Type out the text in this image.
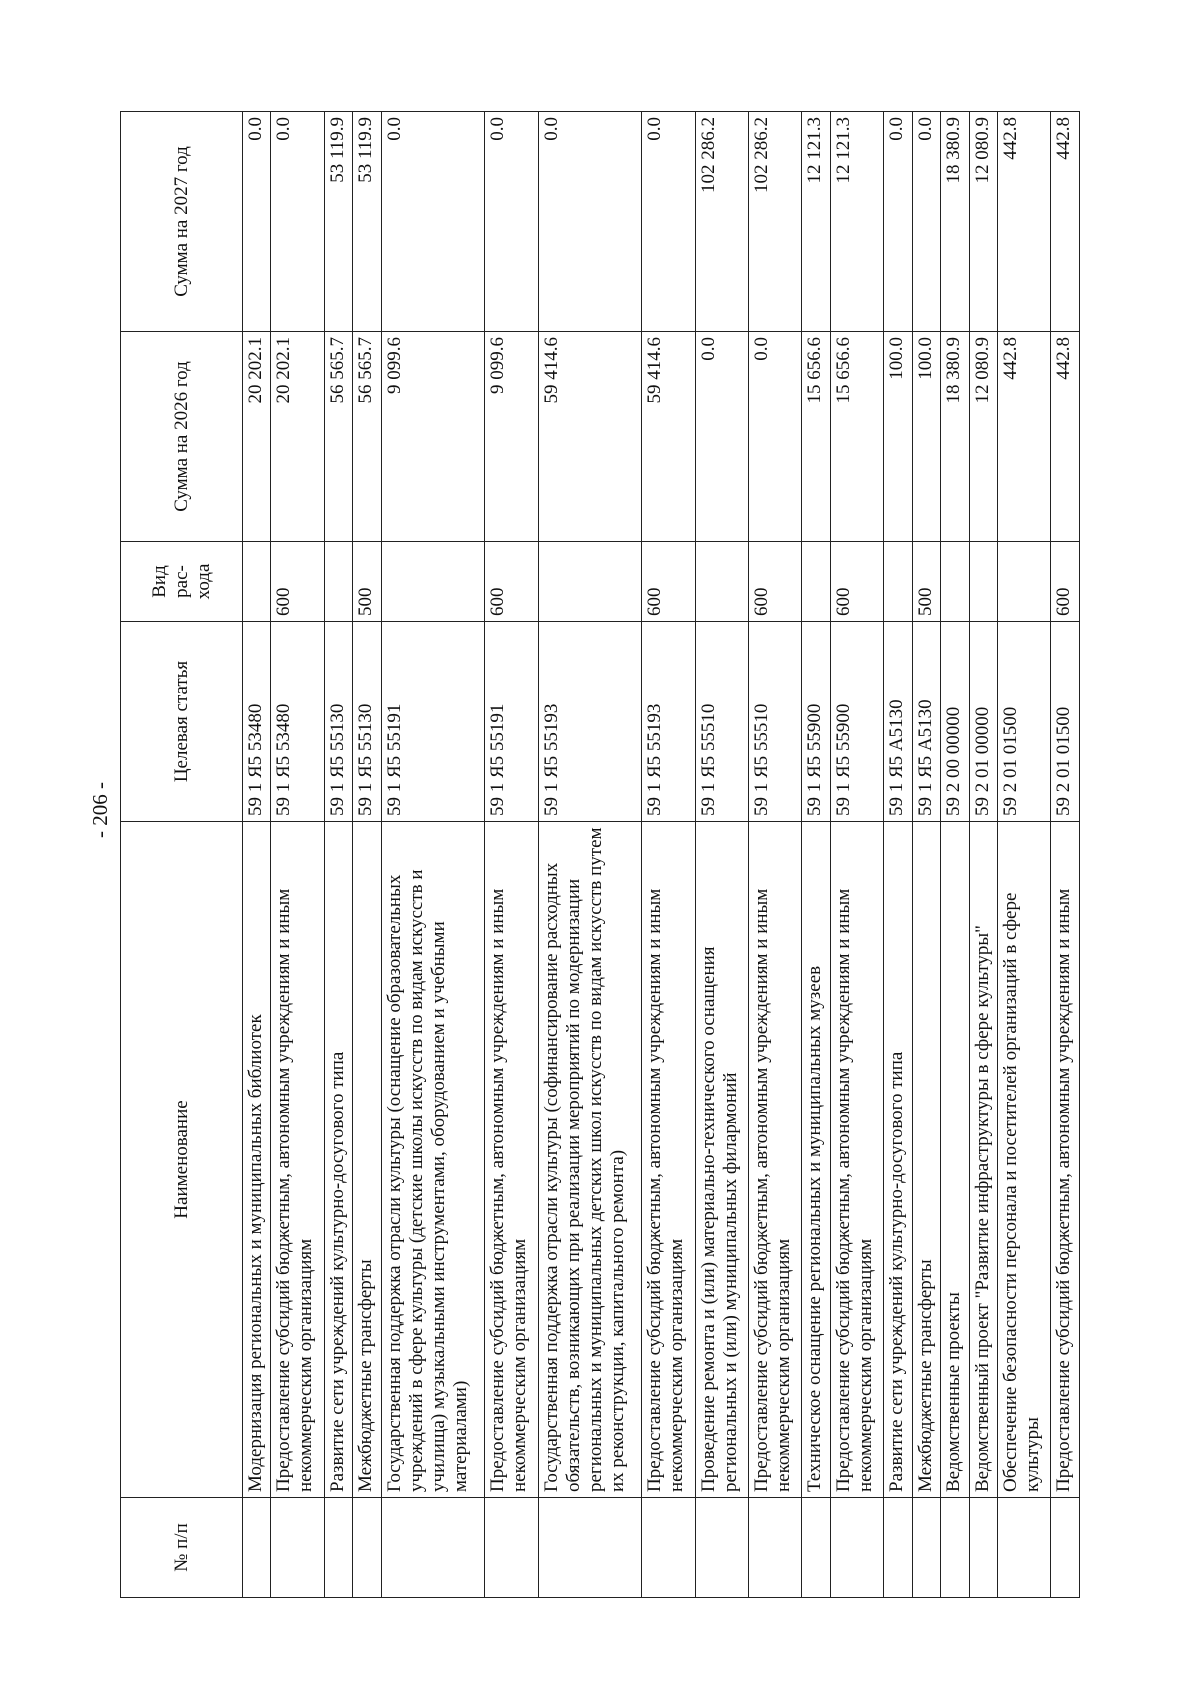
- 206 -
№ п/п	Наименование	Целевая статья	Вид рас- хода	Сумма на 2026 год	Сумма на 2027 год
	Модернизация региональных и муниципальных библиотек	59 1 Я5 53480		20 202.1	0.0
	Предоставление субсидий бюджетным, автономным учреждениям и иным некоммерческим организациям	59 1 Я5 53480	600	20 202.1	0.0
	Развитие сети учреждений культурно-досугового типа	59 1 Я5 55130		56 565.7	53 119.9
	Межбюджетные трансферты	59 1 Я5 55130	500	56 565.7	53 119.9
	Государственная поддержка отрасли культуры (оснащение образовательных учреждений в сфере культуры (детские школы искусств по видам искусств и училища) музыкальными инструментами, оборудованием и учебными материалами)	59 1 Я5 55191		9 099.6	0.0
	Предоставление субсидий бюджетным, автономным учреждениям и иным некоммерческим организациям	59 1 Я5 55191	600	9 099.6	0.0
	Государственная поддержка отрасли культуры (софинансирование расходных обязательств, возникающих при реализации мероприятий по модернизации региональных и муниципальных детских школ искусств по видам искусств путем их реконструкции, капитального ремонта)	59 1 Я5 55193		59 414.6	0.0
	Предоставление субсидий бюджетным, автономным учреждениям и иным некоммерческим организациям	59 1 Я5 55193	600	59 414.6	0.0
	Проведение ремонта и (или) материально-технического оснащения региональных и (или) муниципальных филармоний	59 1 Я5 55510		0.0	102 286.2
	Предоставление субсидий бюджетным, автономным учреждениям и иным некоммерческим организациям	59 1 Я5 55510	600	0.0	102 286.2
	Техническое оснащение региональных и муниципальных музеев	59 1 Я5 55900		15 656.6	12 121.3
	Предоставление субсидий бюджетным, автономным учреждениям и иным некоммерческим организациям	59 1 Я5 55900	600	15 656.6	12 121.3
	Развитие сети учреждений культурно-досугового типа	59 1 Я5 А5130		100.0	0.0
	Межбюджетные трансферты	59 1 Я5 А5130	500	100.0	0.0
	Ведомственные проекты	59 2 00 00000		18 380.9	18 380.9
	Ведомственный проект "Развитие инфраструктуры в сфере культуры"	59 2 01 00000		12 080.9	12 080.9
	Обеспечение безопасности персонала и посетителей организаций в сфере культуры	59 2 01 01500		442.8	442.8
	Предоставление субсидий бюджетным, автономным учреждениям и иным	59 2 01 01500	600	442.8	442.8
